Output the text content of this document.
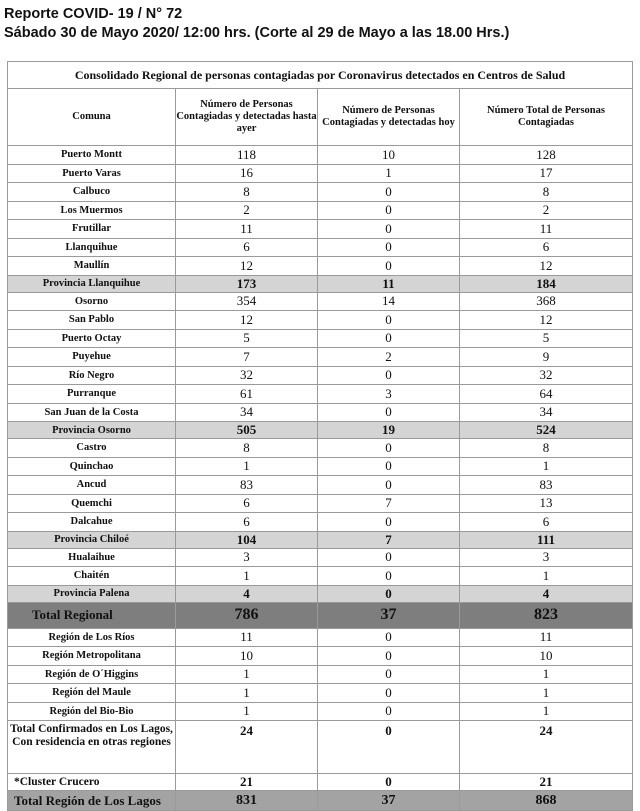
Reporte COVID- 19 / N° 72
Sábado 30 de Mayo 2020/ 12:00 hrs. (Corte al 29 de Mayo a las 18.00 Hrs.)
Consolidado Regional de personas contagiadas por Coronavirus detectados en Centros de Salud			
Comuna	Número de Personas Contagiadas y detectadas hasta ayer	Número de Personas Contagiadas y detectadas hoy	Número Total de Personas Contagiadas
Puerto Montt	118	10	128
Puerto Varas	16	1	17
Calbuco	8	0	8
Los Muermos	2	0	2
Frutillar	11	0	11
Llanquihue	6	0	6
Maullín	12	0	12
Provincia Llanquihue	173	11	184
Osorno	354	14	368
San Pablo	12	0	12
Puerto Octay	5	0	5
Puyehue	7	2	9
Río Negro	32	0	32
Purranque	61	3	64
San Juan de la Costa	34	0	34
Provincia Osorno	505	19	524
Castro	8	0	8
Quinchao	1	0	1
Ancud	83	0	83
Quemchi	6	7	13
Dalcahue	6	0	6
Provincia Chiloé	104	7	111
Hualaihue	3	0	3
Chaitén	1	0	1
Provincia Palena	4	0	4
Total Regional	786	37	823
Región de Los Ríos	11	0	11
Región Metropolitana	10	0	10
Región de O´Higgins	1	0	1
Región del Maule	1	0	1
Región del Bio-Bio	1	0	1
Total Confirmados en Los Lagos, Con residencia en otras regiones	24	0	24
*Cluster Crucero	21	0	21
Total Región de Los Lagos	831	37	868
